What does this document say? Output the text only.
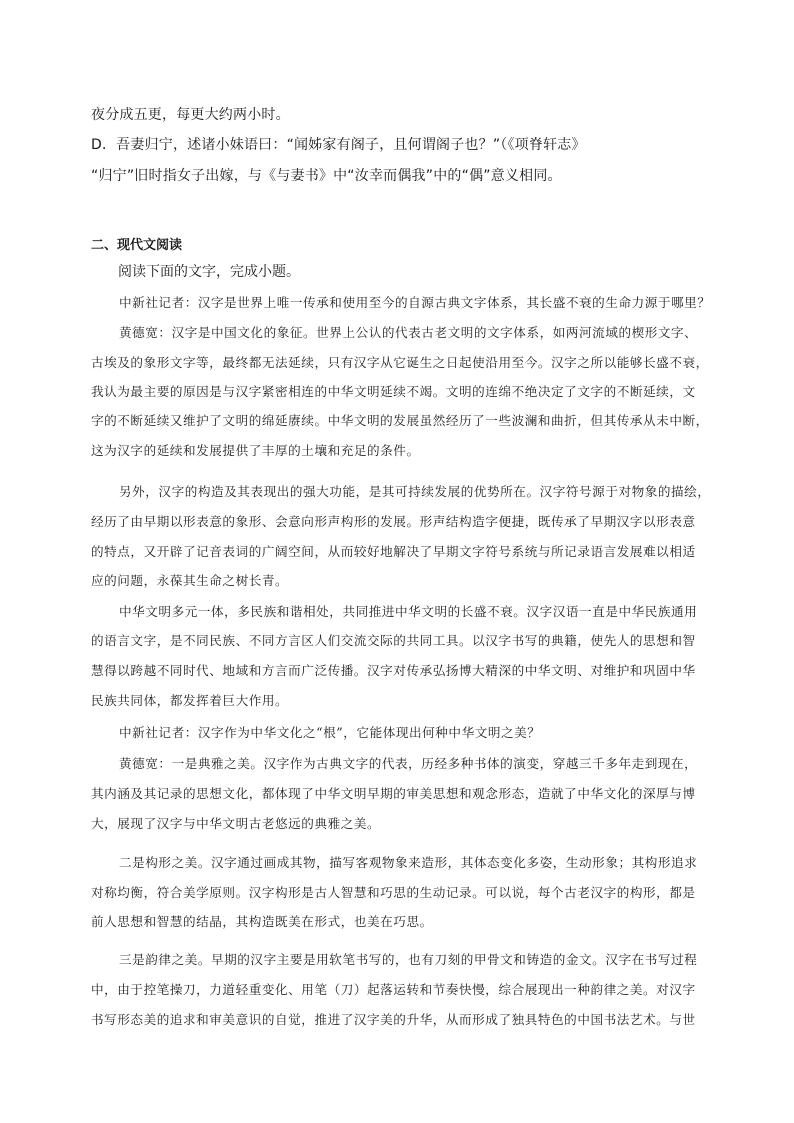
夜分成五更，每更大约两小时。
D．吾妻归宁，述诸小妹语曰：“闻姊家有阁子，且何谓阁子也？”（《项脊轩志》
“归宁”旧时指女子出嫁，与《与妻书》中“汝幸而偶我”中的“偶”意义相同。
二、现代文阅读
阅读下面的文字，完成小题。
中新社记者：汉字是世界上唯一传承和使用至今的自源古典文字体系，其长盛不衰的生命力源于哪里？
黄德宽：汉字是中国文化的象征。世界上公认的代表古老文明的文字体系，如两河流域的楔形文字、
古埃及的象形文字等，最终都无法延续，只有汉字从它诞生之日起使沿用至今。汉字之所以能够长盛不衰，
我认为最主要的原因是与汉字紧密相连的中华文明延续不竭。文明的连绵不绝决定了文字的不断延续，文
字的不断延续又维护了文明的绵延赓续。中华文明的发展虽然经历了一些波澜和曲折，但其传承从未中断，
这为汉字的延续和发展提供了丰厚的土壤和充足的条件。
另外，汉字的构造及其表现出的强大功能，是其可持续发展的优势所在。汉字符号源于对物象的描绘，
经历了由早期以形表意的象形、会意向形声构形的发展。形声结构造字便捷，既传承了早期汉字以形表意
的特点，又开辟了记音表词的广阔空间，从而较好地解决了早期文字符号系统与所记录语言发展难以相适
应的问题，永葆其生命之树长青。
中华文明多元一体，多民族和谐相处，共同推进中华文明的长盛不衰。汉字汉语一直是中华民族通用
的语言文字，是不同民族、不同方言区人们交流交际的共同工具。以汉字书写的典籍，使先人的思想和智
慧得以跨越不同时代、地域和方言而广泛传播。汉字对传承弘扬博大精深的中华文明、对维护和巩固中华
民族共同体，都发挥着巨大作用。
中新社记者：汉字作为中华文化之“根”，它能体现出何种中华文明之美？
黄德宽：一是典雅之美。汉字作为古典文字的代表，历经多种书体的演变，穿越三千多年走到现在，
其内涵及其记录的思想文化，都体现了中华文明早期的审美思想和观念形态，造就了中华文化的深厚与博
大，展现了汉字与中华文明古老悠远的典雅之美。
二是构形之美。汉字通过画成其物，描写客观物象来造形，其体态变化多姿，生动形象；其构形追求
对称均衡，符合美学原则。汉字构形是古人智慧和巧思的生动记录。可以说，每个古老汉字的构形，都是
前人思想和智慧的结晶，其构造既美在形式，也美在巧思。
三是韵律之美。早期的汉字主要是用软笔书写的，也有刀刻的甲骨文和铸造的金文。汉字在书写过程
中，由于控笔操刀，力道轻重变化、用笔（刀）起落运转和节奏快慢，综合展现出一种韵律之美。对汉字
书写形态美的追求和审美意识的自觉，推进了汉字美的升华，从而形成了独具特色的中国书法艺术。与世
